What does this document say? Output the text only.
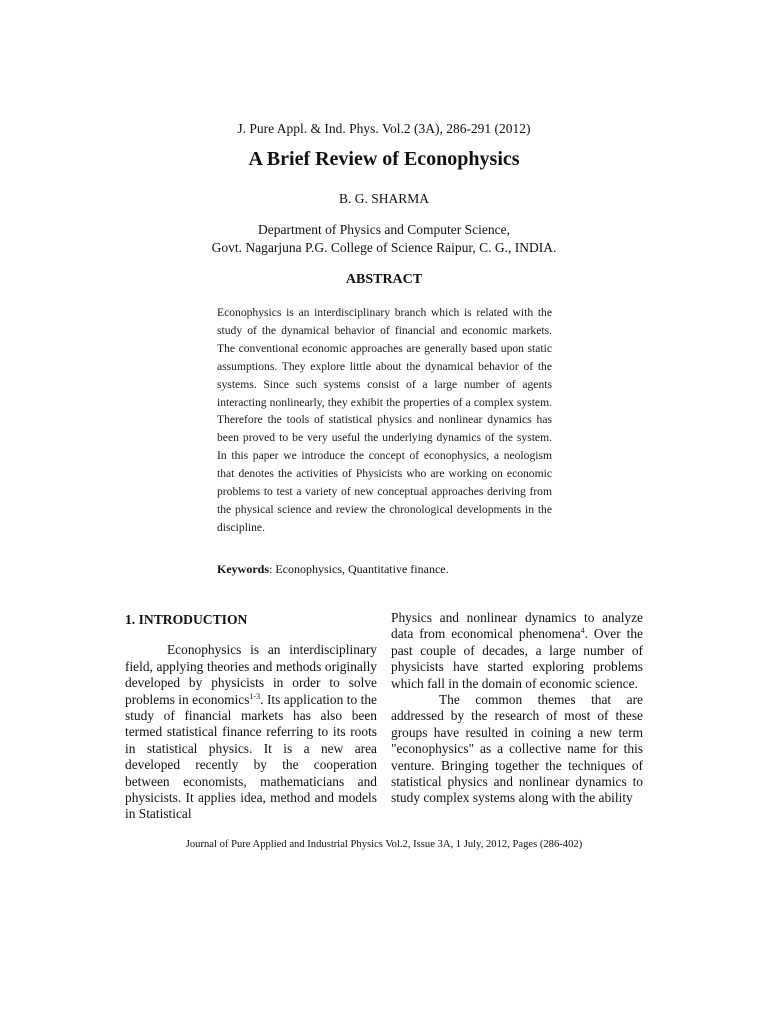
J. Pure Appl. & Ind. Phys. Vol.2 (3A), 286-291 (2012)
A Brief Review of Econophysics
B. G. SHARMA
Department of Physics and Computer Science,
Govt. Nagarjuna P.G. College of Science Raipur, C. G., INDIA.
ABSTRACT

Econophysics is an interdisciplinary branch which is related with the study of the dynamical behavior of financial and economic markets. The conventional economic approaches are generally based upon static assumptions. They explore little about the dynamical behavior of the systems. Since such systems consist of a large number of agents interacting nonlinearly, they exhibit the properties of a complex system. Therefore the tools of statistical physics and nonlinear dynamics has been proved to be very useful the underlying dynamics of the system. In this paper we introduce the concept of econophysics, a neologism that denotes the activities of Physicists who are working on economic problems to test a variety of new conceptual approaches deriving from the physical science and review the chronological developments in the discipline.

Keywords: Econophysics, Quantitative finance.

1. INTRODUCTION

Econophysics is an interdisciplinary field, applying theories and methods originally developed by physicists in order to solve problems in economics$^{1-3}$. Its application to the study of financial markets has also been termed statistical finance referring to its roots in statistical physics. It is a new area developed recently by the cooperation between economists, mathematicians and physicists. It applies idea, method and models in Statistical

Physics and nonlinear dynamics to analyze data from economical phenomena$^4$. Over the past couple of decades, a large number of physicists have started exploring problems which fall in the domain of economic science.

The common themes that are addressed by the research of most of these groups have resulted in coining a new term "econophysics" as a collective name for this venture. Bringing together the techniques of statistical physics and nonlinear dynamics to study complex systems along with the ability

Journal of Pure Applied and Industrial Physics Vol.2, Issue 3A, 1 July, 2012, Pages (286-402)
